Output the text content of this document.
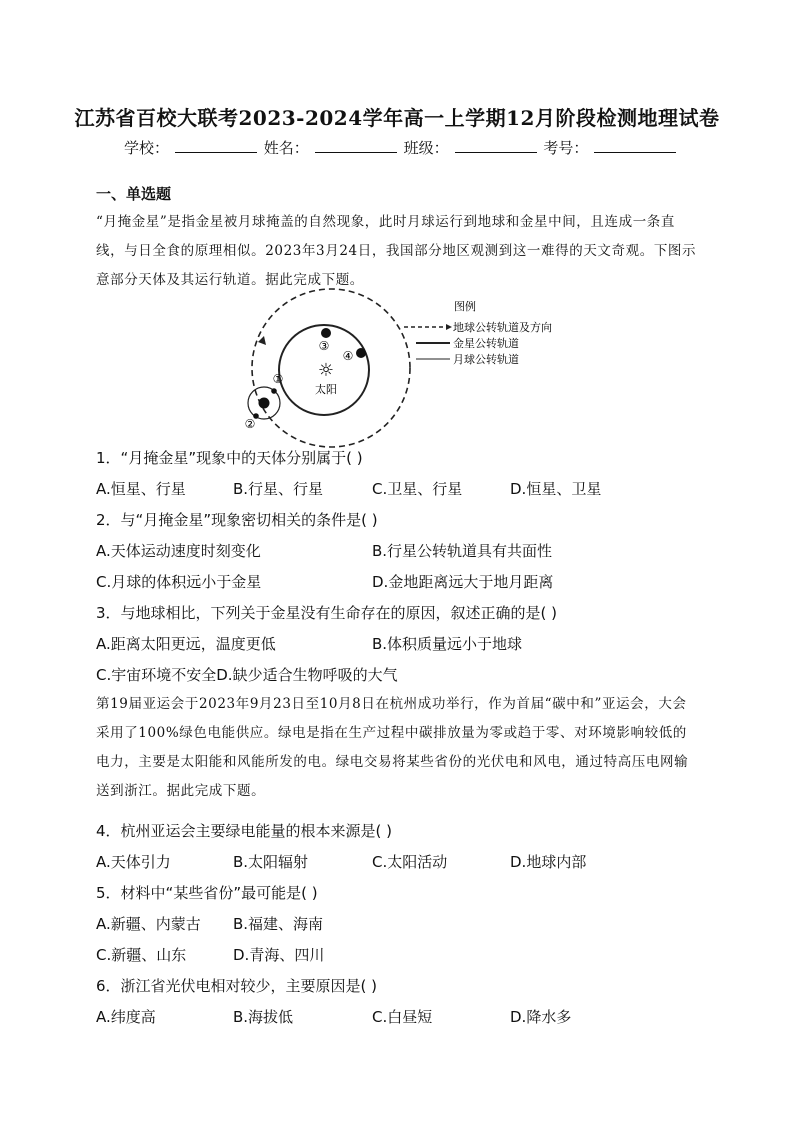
江苏省百校大联考2023-2024学年高一上学期12月阶段检测地理试卷
学校：	姓名：	班级：	考号：
一、单选题
“月掩金星”是指金星被月球掩盖的自然现象，此时月球运行到地球和金星中间，且连成一条直线，与日全食的原理相似。2023年3月24日，我国部分地区观测到这一难得的天文奇观。下图示意部分天体及其运行轨道。据此完成下题。
☼
太阳
③
④
①
②
图例
地球公转轨道及方向
金星公转轨道
月球公转轨道
1．“月掩金星”现象中的天体分别属于( )
A.恒星、行星	B.行星、行星	C.卫星、行星	D.恒星、卫星
2．与“月掩金星”现象密切相关的条件是( )
A.天体运动速度时刻变化	B.行星公转轨道具有共面性
C.月球的体积远小于金星	D.金地距离远大于地月距离
3．与地球相比，下列关于金星没有生命存在的原因，叙述正确的是( )
A.距离太阳更远，温度更低	B.体积质量远小于地球
C.宇宙环境不安全D.缺少适合生物呼吸的大气
第19届亚运会于2023年9月23日至10月8日在杭州成功举行，作为首届“碳中和”亚运会，大会采用了100%绿色电能供应。绿电是指在生产过程中碳排放量为零或趋于零、对环境影响较低的电力，主要是太阳能和风能所发的电。绿电交易将某些省份的光伏电和风电，通过特高压电网输送到浙江。据此完成下题。
4．杭州亚运会主要绿电能量的根本来源是( )
A.天体引力	B.太阳辐射	C.太阳活动	D.地球内部
5．材料中“某些省份”最可能是( )
A.新疆、内蒙古 B.福建、海南
C.新疆、山东	D.青海、四川
6．浙江省光伏电相对较少，主要原因是( )
A.纬度高	B.海拔低	C.白昼短	D.降水多
